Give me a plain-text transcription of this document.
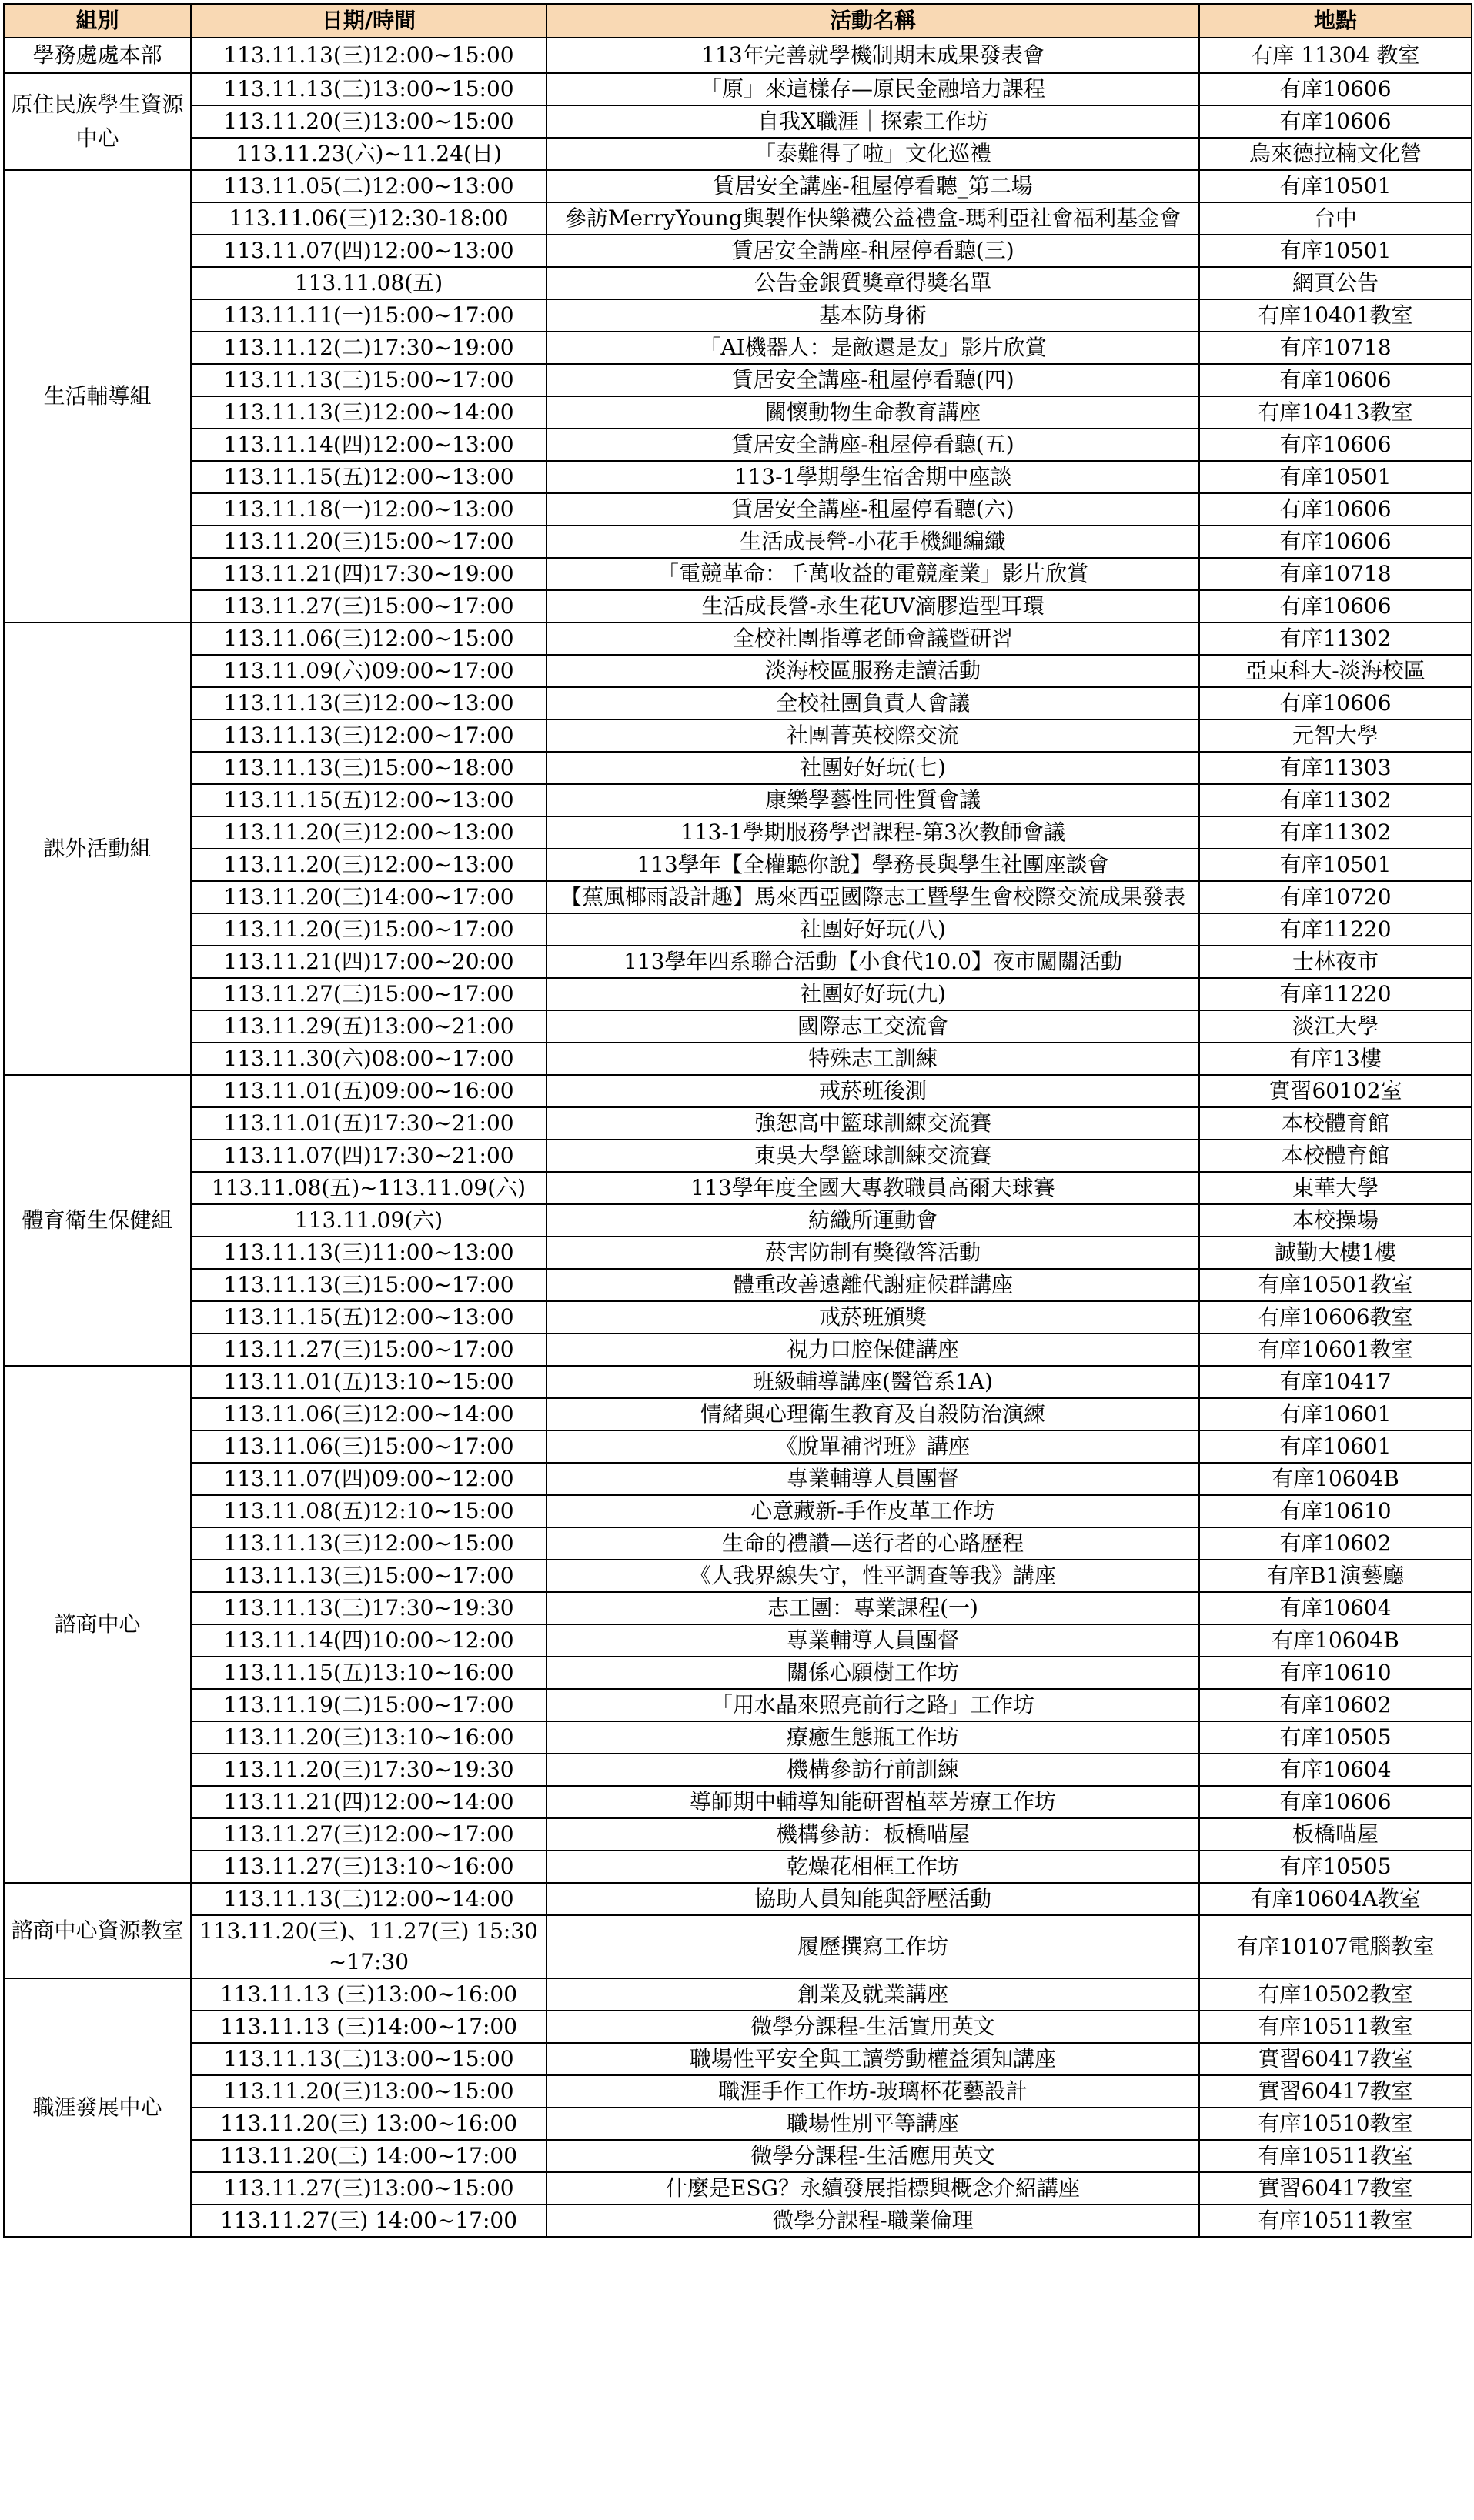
組別	日期/時間	活動名稱	地點
學務處處本部	113.11.13(三)12:00~15:00	113年完善就學機制期末成果發表會	有庠 11304 教室
原住民族學生資源中心	113.11.13(三)13:00~15:00	「原」來這樣存—原民金融培力課程	有庠10606
	113.11.20(三)13:00~15:00	自我X職涯｜探索工作坊	有庠10606
	113.11.23(六)~11.24(日)	「泰難得了啦」文化巡禮	烏來德拉楠文化營
生活輔導組	113.11.05(二)12:00~13:00	賃居安全講座-租屋停看聽_第二場	有庠10501
	113.11.06(三)12:30-18:00	參訪MerryYoung與製作快樂襪公益禮盒-瑪利亞社會福利基金會	台中
	113.11.07(四)12:00~13:00	賃居安全講座-租屋停看聽(三)	有庠10501
	113.11.08(五)	公告金銀質獎章得獎名單	網頁公告
	113.11.11(一)15:00~17:00	基本防身術	有庠10401教室
	113.11.12(二)17:30~19:00	「AI機器人：是敵還是友」影片欣賞	有庠10718
	113.11.13(三)15:00~17:00	賃居安全講座-租屋停看聽(四)	有庠10606
	113.11.13(三)12:00~14:00	關懷動物生命教育講座	有庠10413教室
	113.11.14(四)12:00~13:00	賃居安全講座-租屋停看聽(五)	有庠10606
	113.11.15(五)12:00~13:00	113-1學期學生宿舍期中座談	有庠10501
	113.11.18(一)12:00~13:00	賃居安全講座-租屋停看聽(六)	有庠10606
	113.11.20(三)15:00~17:00	生活成長營-小花手機繩編織	有庠10606
	113.11.21(四)17:30~19:00	「電競革命：千萬收益的電競產業」影片欣賞	有庠10718
	113.11.27(三)15:00~17:00	生活成長營-永生花UV滴膠造型耳環	有庠10606
課外活動組	113.11.06(三)12:00~15:00	全校社團指導老師會議暨研習	有庠11302
	113.11.09(六)09:00~17:00	淡海校區服務走讀活動	亞東科大-淡海校區
	113.11.13(三)12:00~13:00	全校社團負責人會議	有庠10606
	113.11.13(三)12:00~17:00	社團菁英校際交流	元智大學
	113.11.13(三)15:00~18:00	社團好好玩(七)	有庠11303
	113.11.15(五)12:00~13:00	康樂學藝性同性質會議	有庠11302
	113.11.20(三)12:00~13:00	113-1學期服務學習課程-第3次教師會議	有庠11302
	113.11.20(三)12:00~13:00	113學年【全權聽你說】學務長與學生社團座談會	有庠10501
	113.11.20(三)14:00~17:00	【蕉風椰雨設計趣】馬來西亞國際志工暨學生會校際交流成果發表	有庠10720
	113.11.20(三)15:00~17:00	社團好好玩(八)	有庠11220
	113.11.21(四)17:00~20:00	113學年四系聯合活動【小食代10.0】夜市闖關活動	士林夜市
	113.11.27(三)15:00~17:00	社團好好玩(九)	有庠11220
	113.11.29(五)13:00~21:00	國際志工交流會	淡江大學
	113.11.30(六)08:00~17:00	特殊志工訓練	有庠13樓
體育衛生保健組	113.11.01(五)09:00~16:00	戒菸班後測	實習60102室
	113.11.01(五)17:30~21:00	強恕高中籃球訓練交流賽	本校體育館
	113.11.07(四)17:30~21:00	東吳大學籃球訓練交流賽	本校體育館
	113.11.08(五)~113.11.09(六)	113學年度全國大專教職員高爾夫球賽	東華大學
	113.11.09(六)	紡織所運動會	本校操場
	113.11.13(三)11:00~13:00	菸害防制有獎徵答活動	誠勤大樓1樓
	113.11.13(三)15:00~17:00	體重改善遠離代謝症候群講座	有庠10501教室
	113.11.15(五)12:00~13:00	戒菸班頒獎	有庠10606教室
	113.11.27(三)15:00~17:00	視力口腔保健講座	有庠10601教室
諮商中心	113.11.01(五)13:10~15:00	班級輔導講座(醫管系1A)	有庠10417
	113.11.06(三)12:00~14:00	情緒與心理衛生教育及自殺防治演練	有庠10601
	113.11.06(三)15:00~17:00	《脫單補習班》講座	有庠10601
	113.11.07(四)09:00~12:00	專業輔導人員團督	有庠10604B
	113.11.08(五)12:10~15:00	心意藏新-手作皮革工作坊	有庠10610
	113.11.13(三)12:00~15:00	生命的禮讚—送行者的心路歷程	有庠10602
	113.11.13(三)15:00~17:00	《人我界線失守，性平調查等我》講座	有庠B1演藝廳
	113.11.13(三)17:30~19:30	志工團：專業課程(一)	有庠10604
	113.11.14(四)10:00~12:00	專業輔導人員團督	有庠10604B
	113.11.15(五)13:10~16:00	關係心願樹工作坊	有庠10610
	113.11.19(二)15:00~17:00	「用水晶來照亮前行之路」工作坊	有庠10602
	113.11.20(三)13:10~16:00	療癒生態瓶工作坊	有庠10505
	113.11.20(三)17:30~19:30	機構參訪行前訓練	有庠10604
	113.11.21(四)12:00~14:00	導師期中輔導知能研習植萃芳療工作坊	有庠10606
	113.11.27(三)12:00~17:00	機構參訪：板橋喵屋	板橋喵屋
	113.11.27(三)13:10~16:00	乾燥花相框工作坊	有庠10505
諮商中心資源教室	113.11.13(三)12:00~14:00	協助人員知能與舒壓活動	有庠10604A教室
	113.11.20(三)、11.27(三) 15:30~17:30	履歷撰寫工作坊	有庠10107電腦教室
職涯發展中心	113.11.13 (三)13:00~16:00	創業及就業講座	有庠10502教室
	113.11.13 (三)14:00~17:00	微學分課程-生活實用英文	有庠10511教室
	113.11.13(三)13:00~15:00	職場性平安全與工讀勞動權益須知講座	實習60417教室
	113.11.20(三)13:00~15:00	職涯手作工作坊-玻璃杯花藝設計	實習60417教室
	113.11.20(三) 13:00~16:00	職場性別平等講座	有庠10510教室
	113.11.20(三) 14:00~17:00	微學分課程-生活應用英文	有庠10511教室
	113.11.27(三)13:00~15:00	什麼是ESG？永續發展指標與概念介紹講座	實習60417教室
	113.11.27(三) 14:00~17:00	微學分課程-職業倫理	有庠10511教室
